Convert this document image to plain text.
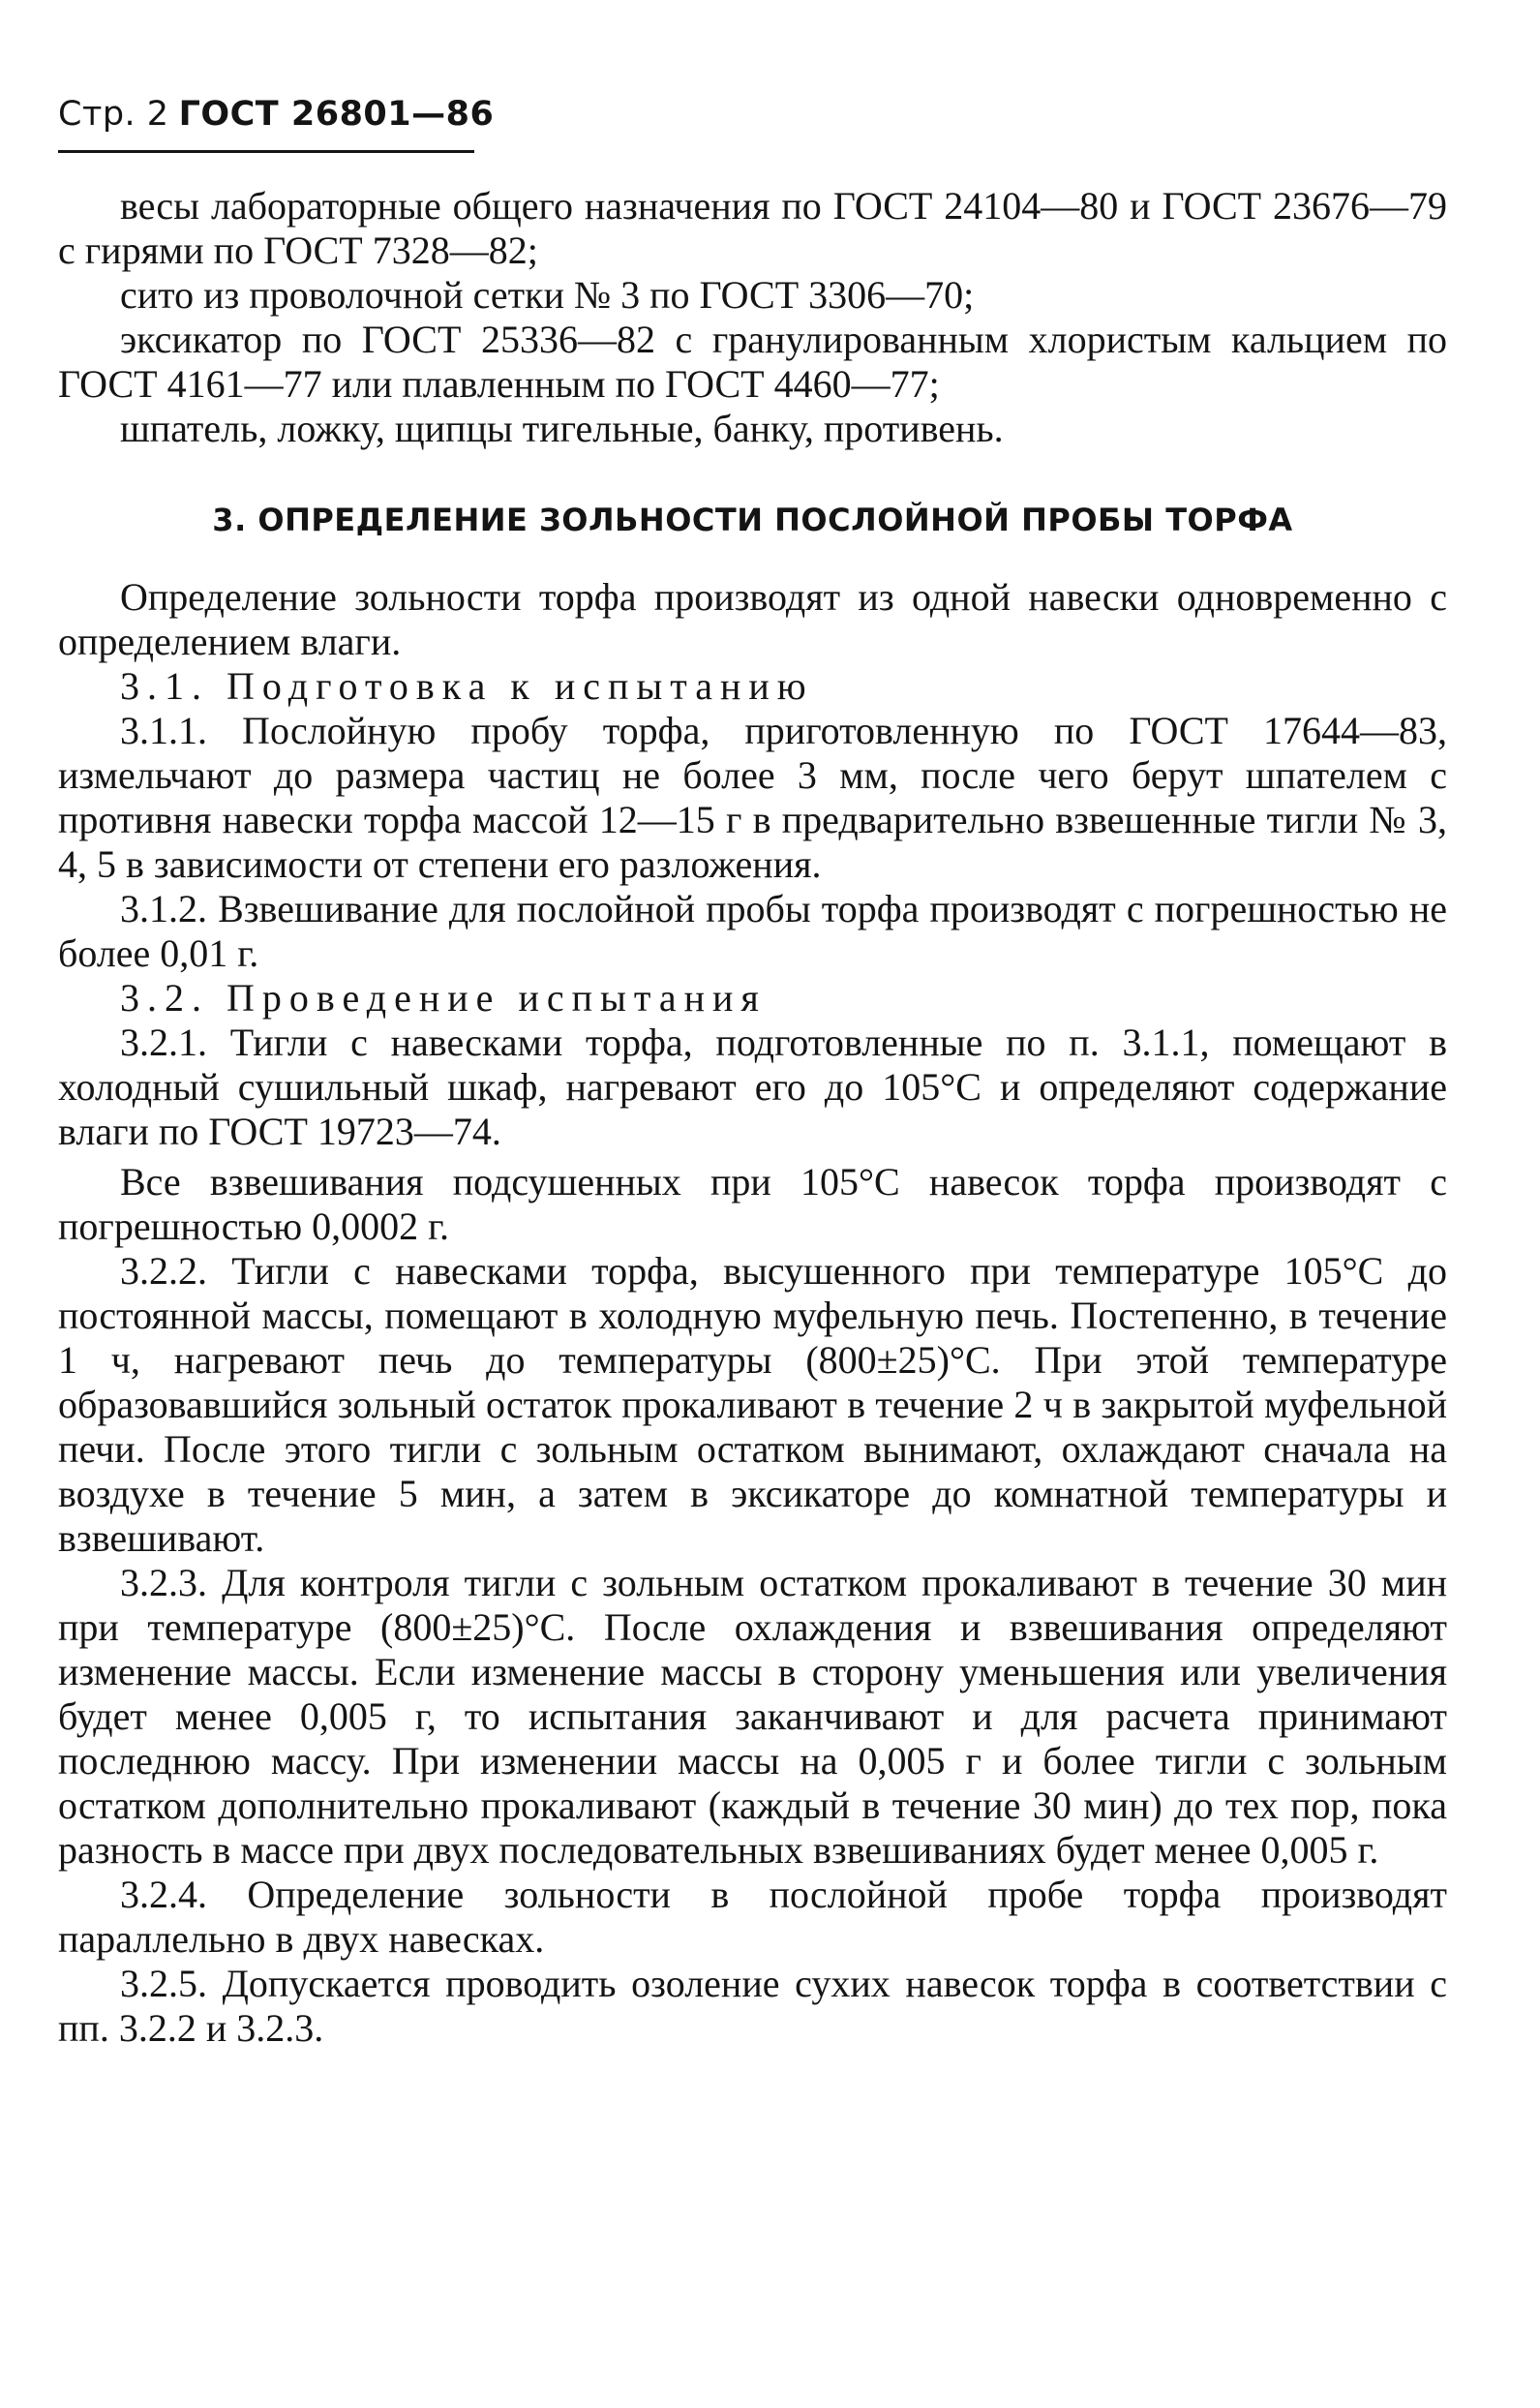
Стр. 2 ГОСТ 26801—86

весы лабораторные общего назначения по ГОСТ 24104—80 и ГОСТ 23676—79 с гирями по ГОСТ 7328—82;

сито из проволочной сетки № 3 по ГОСТ 3306—70;

эксикатор по ГОСТ 25336—82 с гранулированным хлористым кальцием по ГОСТ 4161—77 или плавленным по ГОСТ 4460—77;

шпатель, ложку, щипцы тигельные, банку, противень.

3. ОПРЕДЕЛЕНИЕ ЗОЛЬНОСТИ ПОСЛОЙНОЙ ПРОБЫ ТОРФА

Определение зольности торфа производят из одной навески одновременно с определением влаги.

3.1. Подготовка к испытанию

3.1.1. Послойную пробу торфа, приготовленную по ГОСТ 17644—83, измельчают до размера частиц не более 3 мм, после чего берут шпателем с противня навески торфа массой 12—15 г в предварительно взвешенные тигли № 3, 4, 5 в зависимости от степени его разложения.

3.1.2. Взвешивание для послойной пробы торфа производят с погрешностью не более 0,01 г.

3.2. Проведение испытания

3.2.1. Тигли с навесками торфа, подготовленные по п. 3.1.1, помещают в холодный сушильный шкаф, нагревают его до 105°С и определяют содержание влаги по ГОСТ 19723—74.

Все взвешивания подсушенных при 105°С навесок торфа производят с погрешностью 0,0002 г.

3.2.2. Тигли с навесками торфа, высушенного при температуре 105°С до постоянной массы, помещают в холодную муфельную печь. Постепенно, в течение 1 ч, нагревают печь до температуры (800±25)°С. При этой температуре образовавшийся зольный остаток прокаливают в течение 2 ч в закрытой муфельной печи. После этого тигли с зольным остатком вынимают, охлаждают сначала на воздухе в течение 5 мин, а затем в эксикаторе до комнатной температуры и взвешивают.

3.2.3. Для контроля тигли с зольным остатком прокаливают в течение 30 мин при температуре (800±25)°С. После охлаждения и взвешивания определяют изменение массы. Если изменение массы в сторону уменьшения или увеличения будет менее 0,005 г, то испытания заканчивают и для расчета принимают последнюю массу. При изменении массы на 0,005 г и более тигли с зольным остатком дополнительно прокаливают (каждый в течение 30 мин) до тех пор, пока разность в массе при двух последовательных взвешиваниях будет менее 0,005 г.

3.2.4. Определение зольности в послойной пробе торфа производят параллельно в двух навесках.

3.2.5. Допускается проводить озоление сухих навесок торфа в соответствии с пп. 3.2.2 и 3.2.3.
